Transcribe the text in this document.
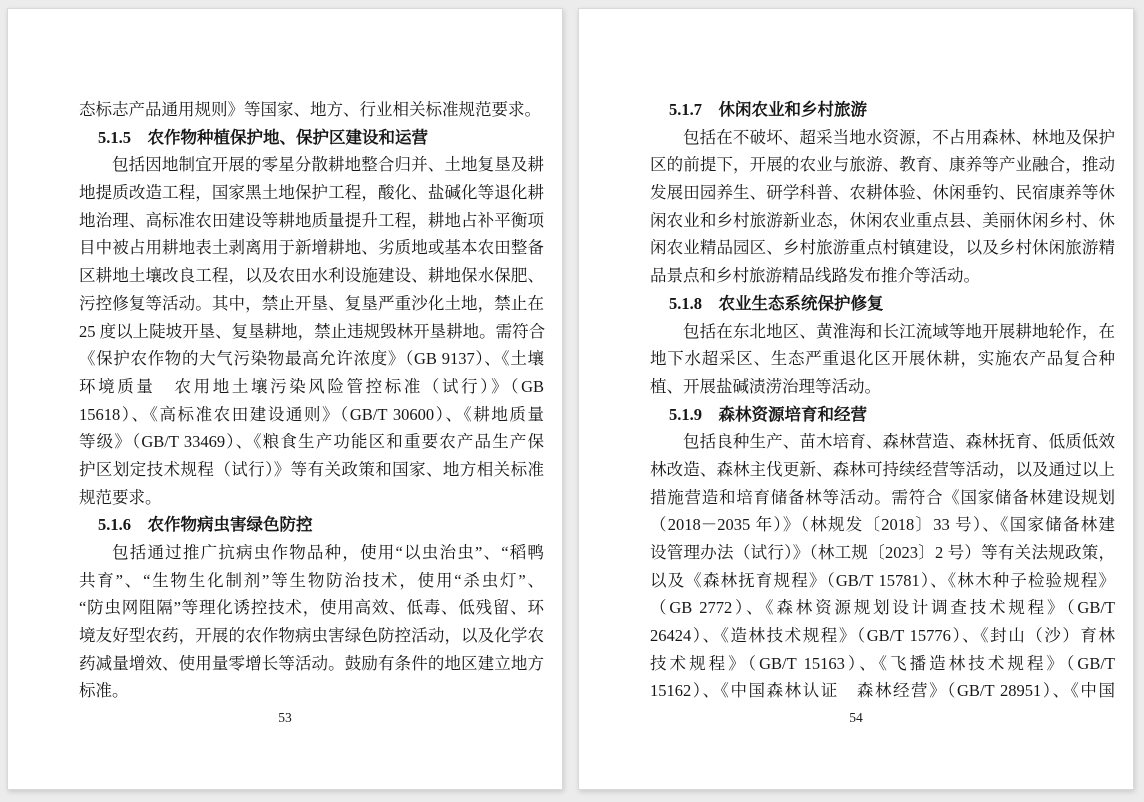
态标志产品通用规则》等国家、地方、行业相关标准规范要求。
5.1.5　农作物种植保护地、保护区建设和运营
包括因地制宜开展的零星分散耕地整合归并、土地复垦及耕
地提质改造工程，国家黑土地保护工程，酸化、盐碱化等退化耕
地治理、高标准农田建设等耕地质量提升工程，耕地占补平衡项
目中被占用耕地表土剥离用于新增耕地、劣质地或基本农田整备
区耕地土壤改良工程，以及农田水利设施建设、耕地保水保肥、
污控修复等活动。其中，禁止开垦、复垦严重沙化土地，禁止在
25 度以上陡坡开垦、复垦耕地，禁止违规毁林开垦耕地。需符合
《保护农作物的大气污染物最高允许浓度》（GB 9137）、《土壤
环境质量　农用地土壤污染风险管控标准（试行）》（GB
15618）、《高标准农田建设通则》（GB/T 30600）、《耕地质量
等级》（GB/T 33469）、《粮食生产功能区和重要农产品生产保
护区划定技术规程（试行）》等有关政策和国家、地方相关标准
规范要求。
5.1.6　农作物病虫害绿色防控
包括通过推广抗病虫作物品种，使用“以虫治虫”、“稻鸭
共育”、“生物生化制剂”等生物防治技术，使用“杀虫灯”、
“防虫网阻隔”等理化诱控技术，使用高效、低毒、低残留、环
境友好型农药，开展的农作物病虫害绿色防控活动，以及化学农
药减量增效、使用量零增长等活动。鼓励有条件的地区建立地方
标准。
53
5.1.7　休闲农业和乡村旅游
包括在不破坏、超采当地水资源，不占用森林、林地及保护
区的前提下，开展的农业与旅游、教育、康养等产业融合，推动
发展田园养生、研学科普、农耕体验、休闲垂钓、民宿康养等休
闲农业和乡村旅游新业态，休闲农业重点县、美丽休闲乡村、休
闲农业精品园区、乡村旅游重点村镇建设，以及乡村休闲旅游精
品景点和乡村旅游精品线路发布推介等活动。
5.1.8　农业生态系统保护修复
包括在东北地区、黄淮海和长江流域等地开展耕地轮作，在
地下水超采区、生态严重退化区开展休耕，实施农产品复合种
植、开展盐碱渍涝治理等活动。
5.1.9　森林资源培育和经营
包括良种生产、苗木培育、森林营造、森林抚育、低质低效
林改造、森林主伐更新、森林可持续经营等活动，以及通过以上
措施营造和培育储备林等活动。需符合《国家储备林建设规划
（2018－2035 年）》（林规发〔2018〕33 号）、《国家储备林建
设管理办法（试行）》（林工规〔2023〕2 号）等有关法规政策，
以及《森林抚育规程》（GB/T 15781）、《林木种子检验规程》
（GB 2772）、《森林资源规划设计调查技术规程》（GB/T
26424）、《造林技术规程》（GB/T 15776）、《封山（沙）育林
技术规程》（GB/T 15163）、《飞播造林技术规程》（GB/T
15162）、《中国森林认证　森林经营》（GB/T 28951）、《中国
54
